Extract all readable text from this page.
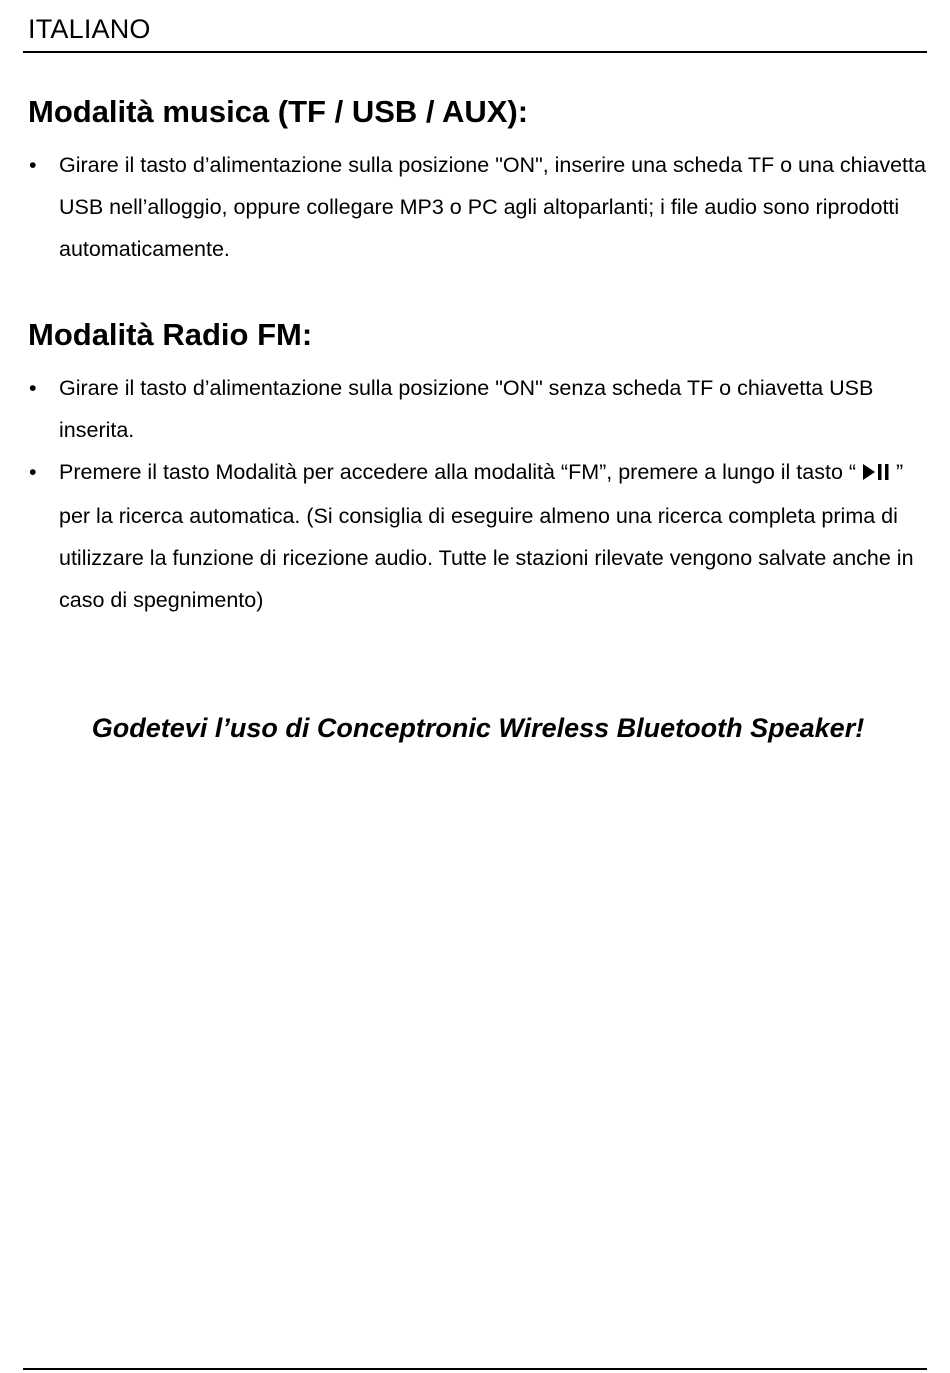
ITALIANO
Modalità musica (TF / USB / AUX):
• Girare il tasto d’alimentazione sulla posizione "ON", inserire una scheda TF o una chiavetta USB nell’alloggio, oppure collegare MP3 o PC agli altoparlanti; i file audio sono riprodotti automaticamente.
Modalità Radio FM:
• Girare il tasto d’alimentazione sulla posizione "ON" senza scheda TF o chiavetta USB inserita.
• Premere il tasto Modalità per accedere alla modalità “FM”, premere a lungo il tasto “ ” per la ricerca automatica. (Si consiglia di eseguire almeno una ricerca completa prima di utilizzare la funzione di ricezione audio. Tutte le stazioni rilevate vengono salvate anche in caso di spegnimento)
Godetevi l’uso di Conceptronic Wireless Bluetooth Speaker!
